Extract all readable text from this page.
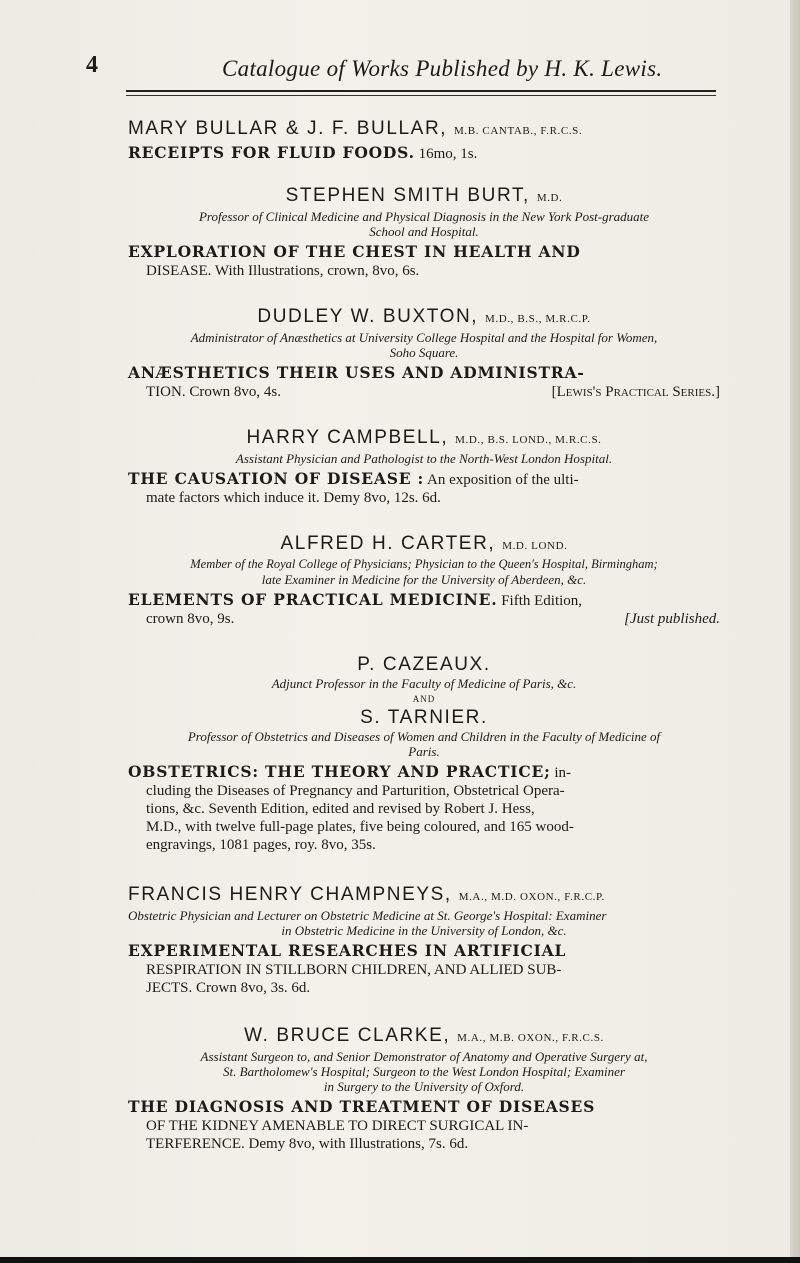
4	Catalogue of Works Published by H. K. Lewis.
MARY BULLAR & J. F. BULLAR, M.B. CANTAB., F.R.C.S.
RECEIPTS FOR FLUID FOODS. 16mo, 1s.
STEPHEN SMITH BURT, M.D.
Professor of Clinical Medicine and Physical Diagnosis in the New York Post-graduate
School and Hospital.
EXPLORATION OF THE CHEST IN HEALTH AND
DISEASE. With Illustrations, crown, 8vo, 6s.
DUDLEY W. BUXTON, M.D., B.S., M.R.C.P.
Administrator of Anæsthetics at University College Hospital and the Hospital for Women,
Soho Square.
ANÆSTHETICS THEIR USES AND ADMINISTRA-
TION. Crown 8vo, 4s.	[Lewis's Practical Series.]
HARRY CAMPBELL, M.D., B.S. LOND., M.R.C.S.
Assistant Physician and Pathologist to the North-West London Hospital.
THE CAUSATION OF DISEASE : An exposition of the ulti-
mate factors which induce it. Demy 8vo, 12s. 6d.
ALFRED H. CARTER, M.D. LOND.
Member of the Royal College of Physicians; Physician to the Queen's Hospital, Birmingham;
late Examiner in Medicine for the University of Aberdeen, &c.
ELEMENTS OF PRACTICAL MEDICINE. Fifth Edition,
crown 8vo, 9s.	[Just published.
P. CAZEAUX.
Adjunct Professor in the Faculty of Medicine of Paris, &c.
AND
S. TARNIER.
Professor of Obstetrics and Diseases of Women and Children in the Faculty of Medicine of
Paris.
OBSTETRICS: THE THEORY AND PRACTICE; in-
cluding the Diseases of Pregnancy and Parturition, Obstetrical Opera-
tions, &c. Seventh Edition, edited and revised by Robert J. Hess,
M.D., with twelve full-page plates, five being coloured, and 165 wood-
engravings, 1081 pages, roy. 8vo, 35s.
FRANCIS HENRY CHAMPNEYS, M.A., M.D. OXON., F.R.C.P.
Obstetric Physician and Lecturer on Obstetric Medicine at St. George's Hospital: Examiner
in Obstetric Medicine in the University of London, &c.
EXPERIMENTAL RESEARCHES IN ARTIFICIAL
RESPIRATION IN STILLBORN CHILDREN, AND ALLIED SUB-
JECTS. Crown 8vo, 3s. 6d.
W. BRUCE CLARKE, M.A., M.B. OXON., F.R.C.S.
Assistant Surgeon to, and Senior Demonstrator of Anatomy and Operative Surgery at,
St. Bartholomew's Hospital; Surgeon to the West London Hospital; Examiner
in Surgery to the University of Oxford.
THE DIAGNOSIS AND TREATMENT OF DISEASES
OF THE KIDNEY AMENABLE TO DIRECT SURGICAL IN-
TERFERENCE. Demy 8vo, with Illustrations, 7s. 6d.
